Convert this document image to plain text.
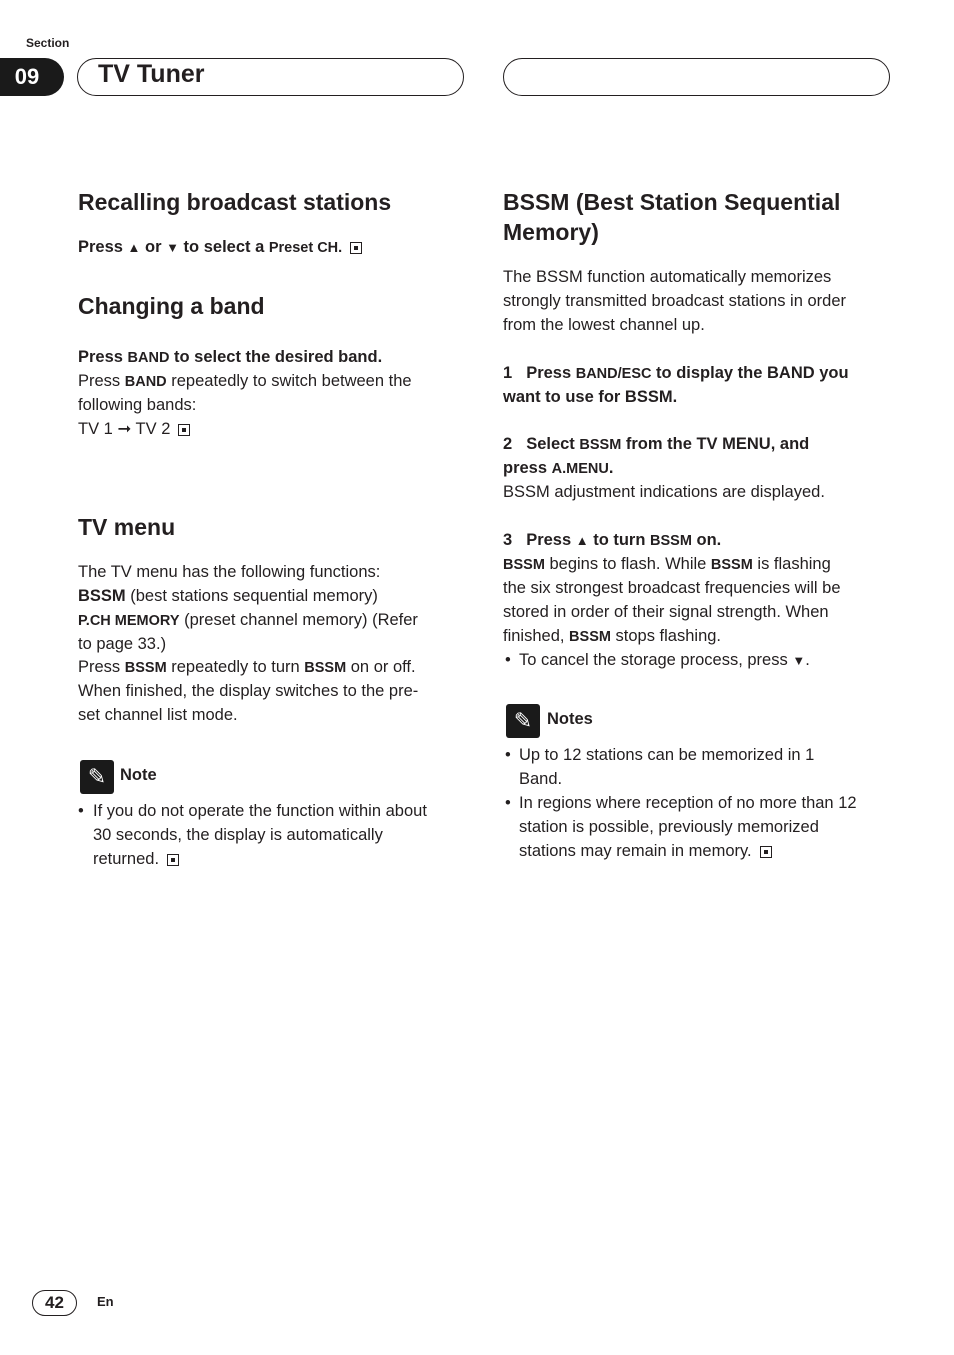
Section
09	TV Tuner
Recalling broadcast stations
Press ▲ or ▼ to select a Preset CH.
Changing a band
Press BAND to select the desired band.
Press BAND repeatedly to switch between the
following bands:
TV 1 ➞ TV 2
TV menu
The TV menu has the following functions:
BSSM (best stations sequential memory)
P.CH MEMORY (preset channel memory) (Refer
to page 33.)
Press BSSM repeatedly to turn BSSM on or off.
When finished, the display switches to the pre-
set channel list mode.
✎ Note
• If you do not operate the function within about
30 seconds, the display is automatically
returned.
BSSM (Best Station Sequential
Memory)
The BSSM function automatically memorizes
strongly transmitted broadcast stations in order
from the lowest channel up.
1 Press BAND/ESC to display the BAND you
want to use for BSSM.
2 Select BSSM from the TV MENU, and
press A.MENU.
BSSM adjustment indications are displayed.
3 Press ▲ to turn BSSM on.
BSSM begins to flash. While BSSM is flashing
the six strongest broadcast frequencies will be
stored in order of their signal strength. When
finished, BSSM stops flashing.
• To cancel the storage process, press ▼.
✎ Notes
• Up to 12 stations can be memorized in 1
Band.
• In regions where reception of no more than 12
station is possible, previously memorized
stations may remain in memory.
42	En
